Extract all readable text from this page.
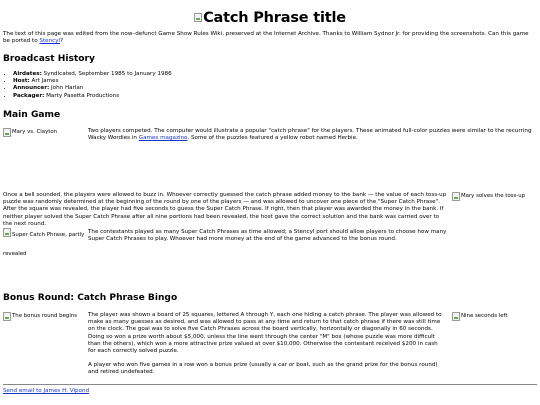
Catch Phrase title

The text of this page was edited from the now–defunct Game Show Rules Wiki, preserved at the Internet Archive. Thanks to William Sydnor Jr. for providing the screenshots. Can this game be ported to Stencyl?

Broadcast History
• Airdates: Syndicated, September 1985 to January 1986
• Host: Art James
• Announcer: John Harlan
• Packager: Marty Pasetta Productions
Main Game
Mary vs. Clayton	Two players competed. The computer would illustrate a popular "catch phrase" for the players. These animated full-color puzzles were similar to the recurring Wacky Wordies in Games magazine. Some of the puzzles featured a yellow robot named Herbie.

Mary solves the toss-up

Once a bell sounded, the players were allowed to buzz in. Whoever correctly guessed the catch phrase added money to the bank — the value of each toss-up puzzle was randomly determined at the beginning of the round by one of the players — and was allowed to uncover one piece of the "Super Catch Phrase". After the square was revealed, the player had five seconds to guess the Super Catch Phrase. If right, then that player was awarded the money in the bank. If neither player solved the Super Catch Phrase after all nine portions had been revealed, the host gave the correct solution and the bank was carried over to the next round.

Super Catch Phrase, partly revealed

The contestants played as many Super Catch Phrases as time allowed; a Stencyl port should allow players to choose how many Super Catch Phrases to play. Whoever had more money at the end of the game advanced to the bonus round.

Bonus Round: Catch Phrase Bingo
The bonus round begins	Nine seconds left

The player was shown a board of 25 squares, lettered A through Y, each one hiding a catch phrase. The player was allowed to make as many guesses as desired, and was allowed to pass at any time and return to that catch phrase if there was still time on the clock. The goal was to solve five Catch Phrases across the board vertically, horizontally or diagonally in 60 seconds. Doing so won a prize worth about $5,000, unless the line went through the center "M" box (whose puzzle was more difficult than the others), which won a more attractive prize valued at over $10,000. Otherwise the contestant received $200 in cash for each correctly solved puzzle.

A player who won five games in a row won a bonus prize (usually a car or boat, such as the grand prize for the bonus round) and retired undefeated.

Send email to James H. Vipond
